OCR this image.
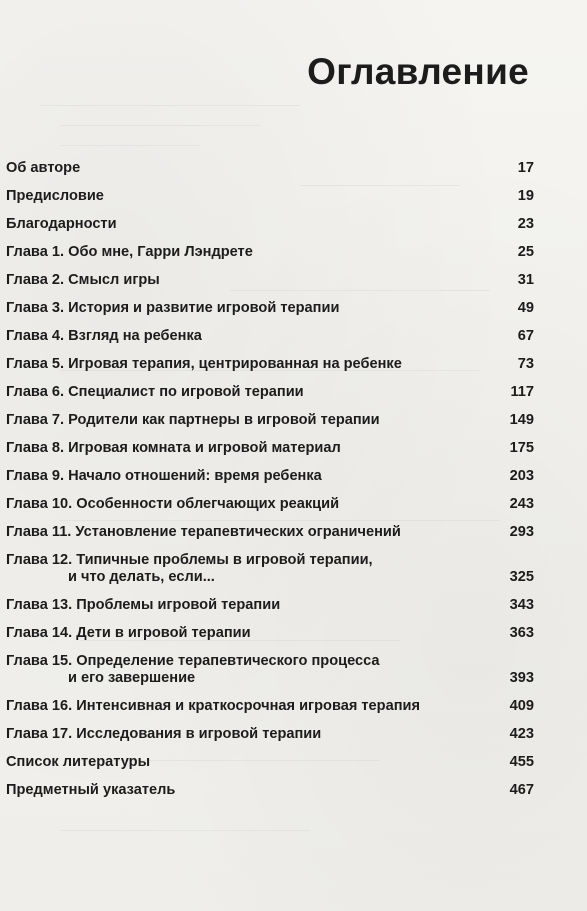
Оглавление
Об авторе	17
Предисловие	19
Благодарности	23
Глава 1. Обо мне, Гарри Лэндрете	25
Глава 2. Смысл игры	31
Глава 3. История и развитие игровой терапии	49
Глава 4. Взгляд на ребенка	67
Глава 5. Игровая терапия, центрированная на ребенке	73
Глава 6. Специалист по игровой терапии	117
Глава 7. Родители как партнеры в игровой терапии	149
Глава 8. Игровая комната и игровой материал	175
Глава 9. Начало отношений: время ребенка	203
Глава 10. Особенности облегчающих реакций	243
Глава 11. Установление терапевтических ограничений	293
Глава 12. Типичные проблемы в игровой терапии,
и что делать, если...	325
Глава 13. Проблемы игровой терапии	343
Глава 14. Дети в игровой терапии	363
Глава 15. Определение терапевтического процесса
и его завершение	393
Глава 16. Интенсивная и краткосрочная игровая терапия	409
Глава 17. Исследования в игровой терапии	423
Список литературы	455
Предметный указатель	467
